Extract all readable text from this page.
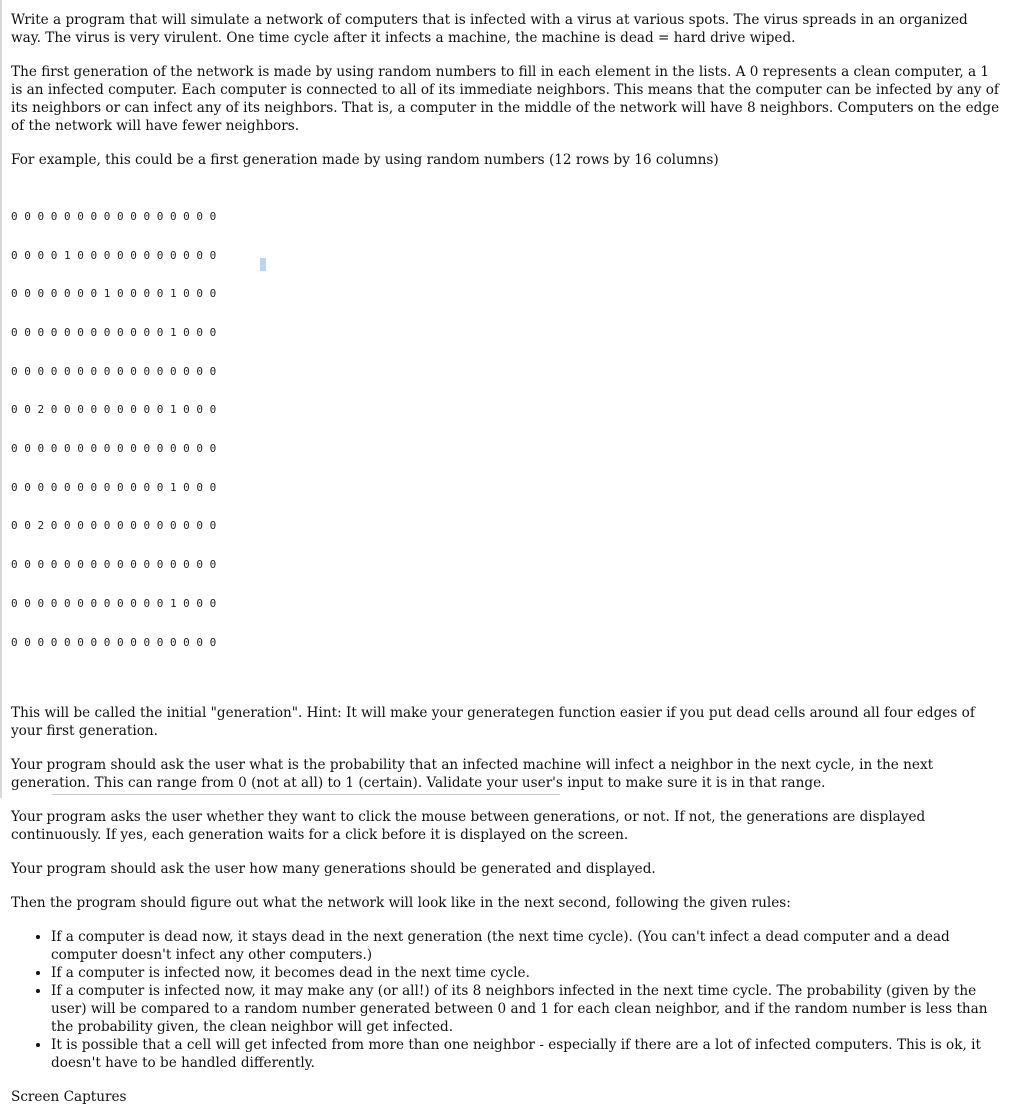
Write a program that will simulate a network of computers that is infected with a virus at various spots. The virus spreads in an organized way. The virus is very virulent. One time cycle after it infects a machine, the machine is dead = hard drive wiped.

The first generation of the network is made by using random numbers to fill in each element in the lists. A 0 represents a clean computer, a 1 is an infected computer. Each computer is connected to all of its immediate neighbors. This means that the computer can be infected by any of its neighbors or can infect any of its neighbors. That is, a computer in the middle of the network will have 8 neighbors. Computers on the edge of the network will have fewer neighbors.

For example, this could be a first generation made by using random numbers (12 rows by 16 columns)

0 0 0 0 0 0 0 0 0 0 0 0 0 0 0 0

0 0 0 0 1 0 0 0 0 0 0 0 0 0 0 0

0 0 0 0 0 0 0 1 0 0 0 0 1 0 0 0

0 0 0 0 0 0 0 0 0 0 0 0 1 0 0 0

0 0 0 0 0 0 0 0 0 0 0 0 0 0 0 0

0 0 2 0 0 0 0 0 0 0 0 0 1 0 0 0

0 0 0 0 0 0 0 0 0 0 0 0 0 0 0 0

0 0 0 0 0 0 0 0 0 0 0 0 1 0 0 0

0 0 2 0 0 0 0 0 0 0 0 0 0 0 0 0

0 0 0 0 0 0 0 0 0 0 0 0 0 0 0 0

0 0 0 0 0 0 0 0 0 0 0 0 1 0 0 0

0 0 0 0 0 0 0 0 0 0 0 0 0 0 0 0

This will be called the initial "generation". Hint: It will make your generategen function easier if you put dead cells around all four edges of your first generation.

Your program should ask the user what is the probability that an infected machine will infect a neighbor in the next cycle, in the next generation. This can range from 0 (not at all) to 1 (certain). Validate your user's input to make sure it is in that range.

Your program asks the user whether they want to click the mouse between generations, or not. If not, the generations are displayed continuously. If yes, each generation waits for a click before it is displayed on the screen.

Your program should ask the user how many generations should be generated and displayed.

Then the program should figure out what the network will look like in the next second, following the given rules:

• If a computer is dead now, it stays dead in the next generation (the next time cycle). (You can't infect a dead computer and a dead computer doesn't infect any other computers.)
• If a computer is infected now, it becomes dead in the next time cycle.
• If a computer is infected now, it may make any (or all!) of its 8 neighbors infected in the next time cycle. The probability (given by the user) will be compared to a random number generated between 0 and 1 for each clean neighbor, and if the random number is less than the probability given, the clean neighbor will get infected.
• It is possible that a cell will get infected from more than one neighbor - especially if there are a lot of infected computers. This is ok, it doesn't have to be handled differently.

Screen Captures
